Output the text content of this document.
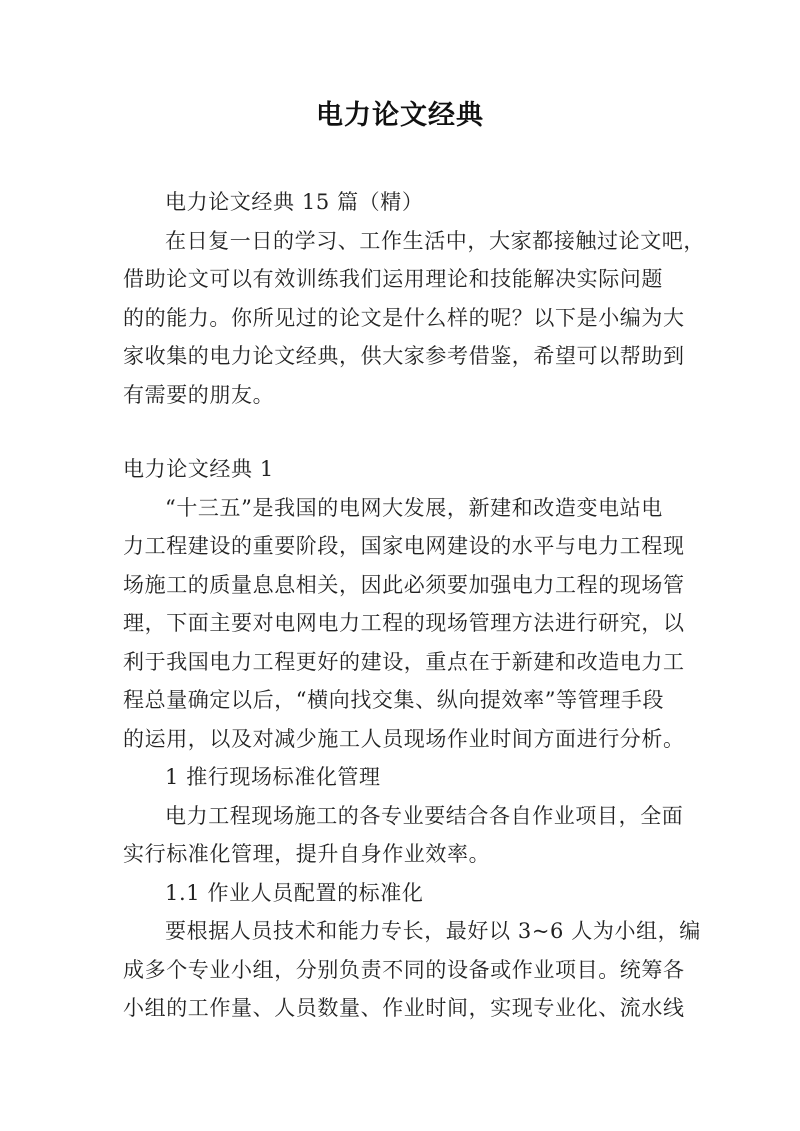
电力论文经典
电力论文经典 15 篇（精）
在日复一日的学习、工作生活中，大家都接触过论文吧，
借助论文可以有效训练我们运用理论和技能解决实际问题
的的能力。你所见过的论文是什么样的呢？以下是小编为大
家收集的电力论文经典，供大家参考借鉴，希望可以帮助到
有需要的朋友。
电力论文经典 1
“十三五”是我国的电网大发展，新建和改造变电站电
力工程建设的重要阶段，国家电网建设的水平与电力工程现
场施工的质量息息相关，因此必须要加强电力工程的现场管
理，下面主要对电网电力工程的现场管理方法进行研究，以
利于我国电力工程更好的建设，重点在于新建和改造电力工
程总量确定以后，“横向找交集、纵向提效率”等管理手段
的运用，以及对减少施工人员现场作业时间方面进行分析。
1 推行现场标准化管理
电力工程现场施工的各专业要结合各自作业项目，全面
实行标准化管理，提升自身作业效率。
1.1 作业人员配置的标准化
要根据人员技术和能力专长，最好以 3~6 人为小组，编
成多个专业小组，分别负责不同的设备或作业项目。统筹各
小组的工作量、人员数量、作业时间，实现专业化、流水线
